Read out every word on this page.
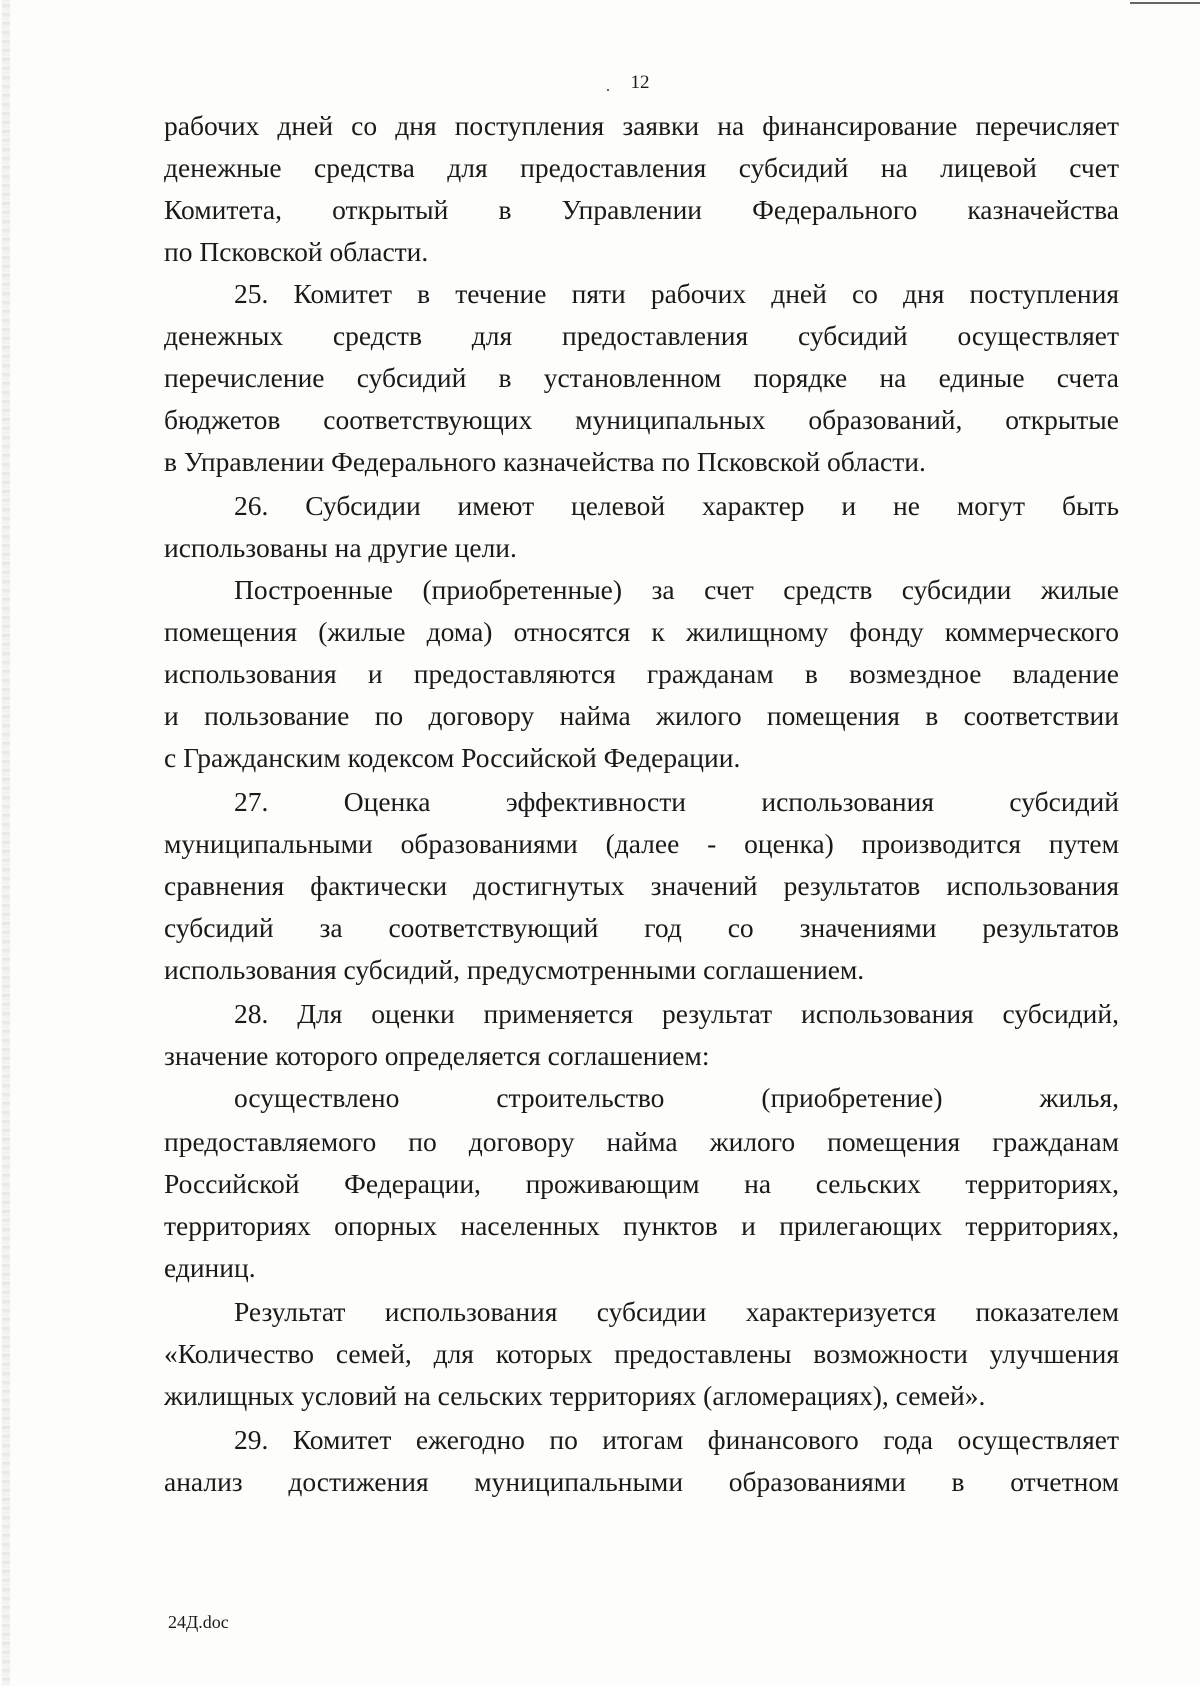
.	12
рабочих дней со дня поступления заявки на финансирование перечисляет
денежные средства для предоставления субсидий на лицевой счет
Комитета, открытый в Управлении Федерального казначейства
по Псковской области.
25. Комитет в течение пяти рабочих дней со дня поступления
денежных средств для предоставления субсидий осуществляет
перечисление субсидий в установленном порядке на единые счета
бюджетов соответствующих муниципальных образований, открытые
в Управлении Федерального казначейства по Псковской области.
26. Субсидии имеют целевой характер и не могут быть
использованы на другие цели.
Построенные (приобретенные) за счет средств субсидии жилые
помещения (жилые дома) относятся к жилищному фонду коммерческого
использования и предоставляются гражданам в возмездное владение
и пользование по договору найма жилого помещения в соответствии
с Гражданским кодексом Российской Федерации.
27. Оценка эффективности использования субсидий
муниципальными образованиями (далее - оценка) производится путем
сравнения фактически достигнутых значений результатов использования
субсидий за соответствующий год со значениями результатов
использования субсидий, предусмотренными соглашением.
28. Для оценки применяется результат использования субсидий,
значение которого определяется соглашением:
осуществлено строительство (приобретение) жилья,
предоставляемого по договору найма жилого помещения гражданам
Российской Федерации, проживающим на сельских территориях,
территориях опорных населенных пунктов и прилегающих территориях,
единиц.
Результат использования субсидии характеризуется показателем
«Количество семей, для которых предоставлены возможности улучшения
жилищных условий на сельских территориях (агломерациях), семей».
29. Комитет ежегодно по итогам финансового года осуществляет
анализ достижения муниципальными образованиями в отчетном
24Д.doc
